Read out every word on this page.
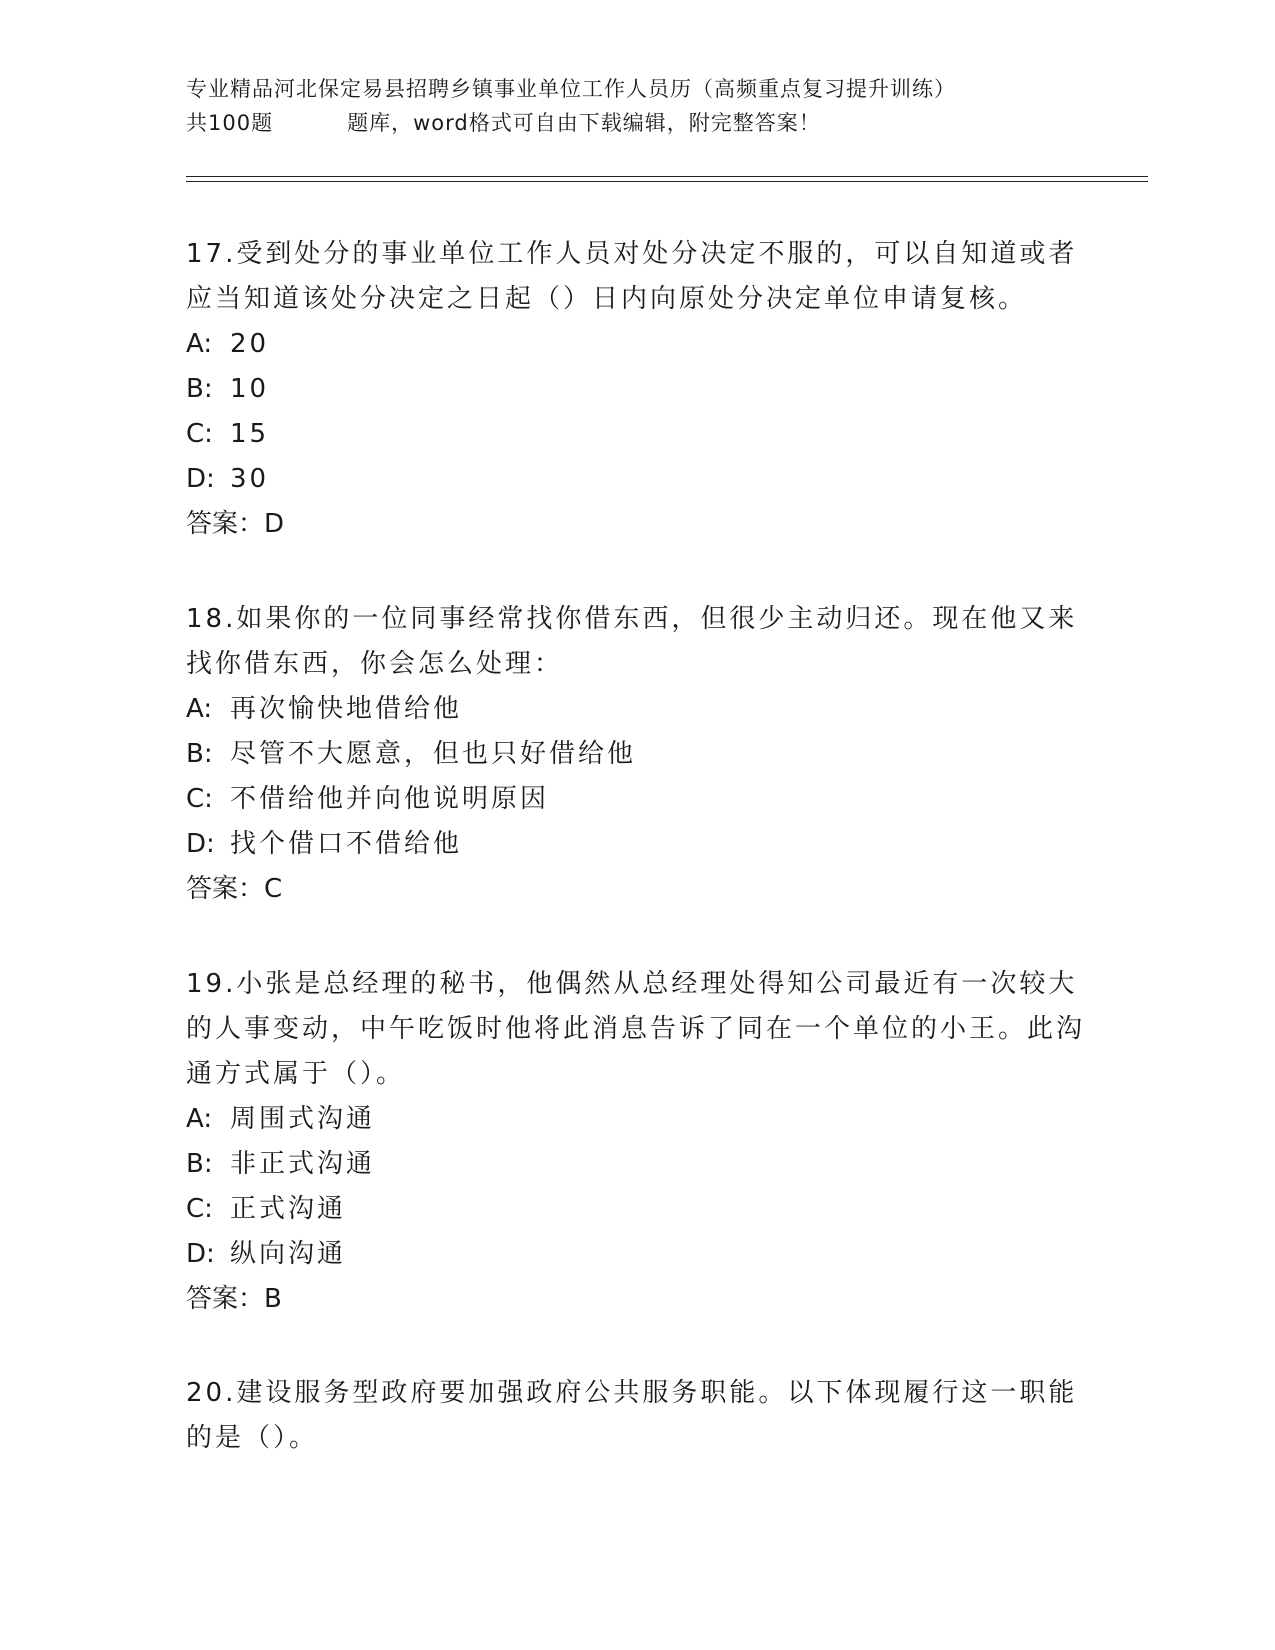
专业精品河北保定易县招聘乡镇事业单位工作人员历（高频重点复习提升训练）
共100题	题库，word格式可自由下载编辑，附完整答案！

17.受到处分的事业单位工作人员对处分决定不服的，可以自知道或者应当知道该处分决定之日起（）日内向原处分决定单位申请复核。

A: 20

B: 10

C: 15

D: 30

答案：D

18.如果你的一位同事经常找你借东西，但很少主动归还。现在他又来找你借东西，你会怎么处理：

A: 再次愉快地借给他

B: 尽管不大愿意，但也只好借给他

C: 不借给他并向他说明原因

D: 找个借口不借给他

答案：C

19.小张是总经理的秘书，他偶然从总经理处得知公司最近有一次较大的人事变动，中午吃饭时他将此消息告诉了同在一个单位的小王。此沟通方式属于（）。

A: 周围式沟通

B: 非正式沟通

C: 正式沟通

D: 纵向沟通

答案：B

20.建设服务型政府要加强政府公共服务职能。以下体现履行这一职能的是（）。
